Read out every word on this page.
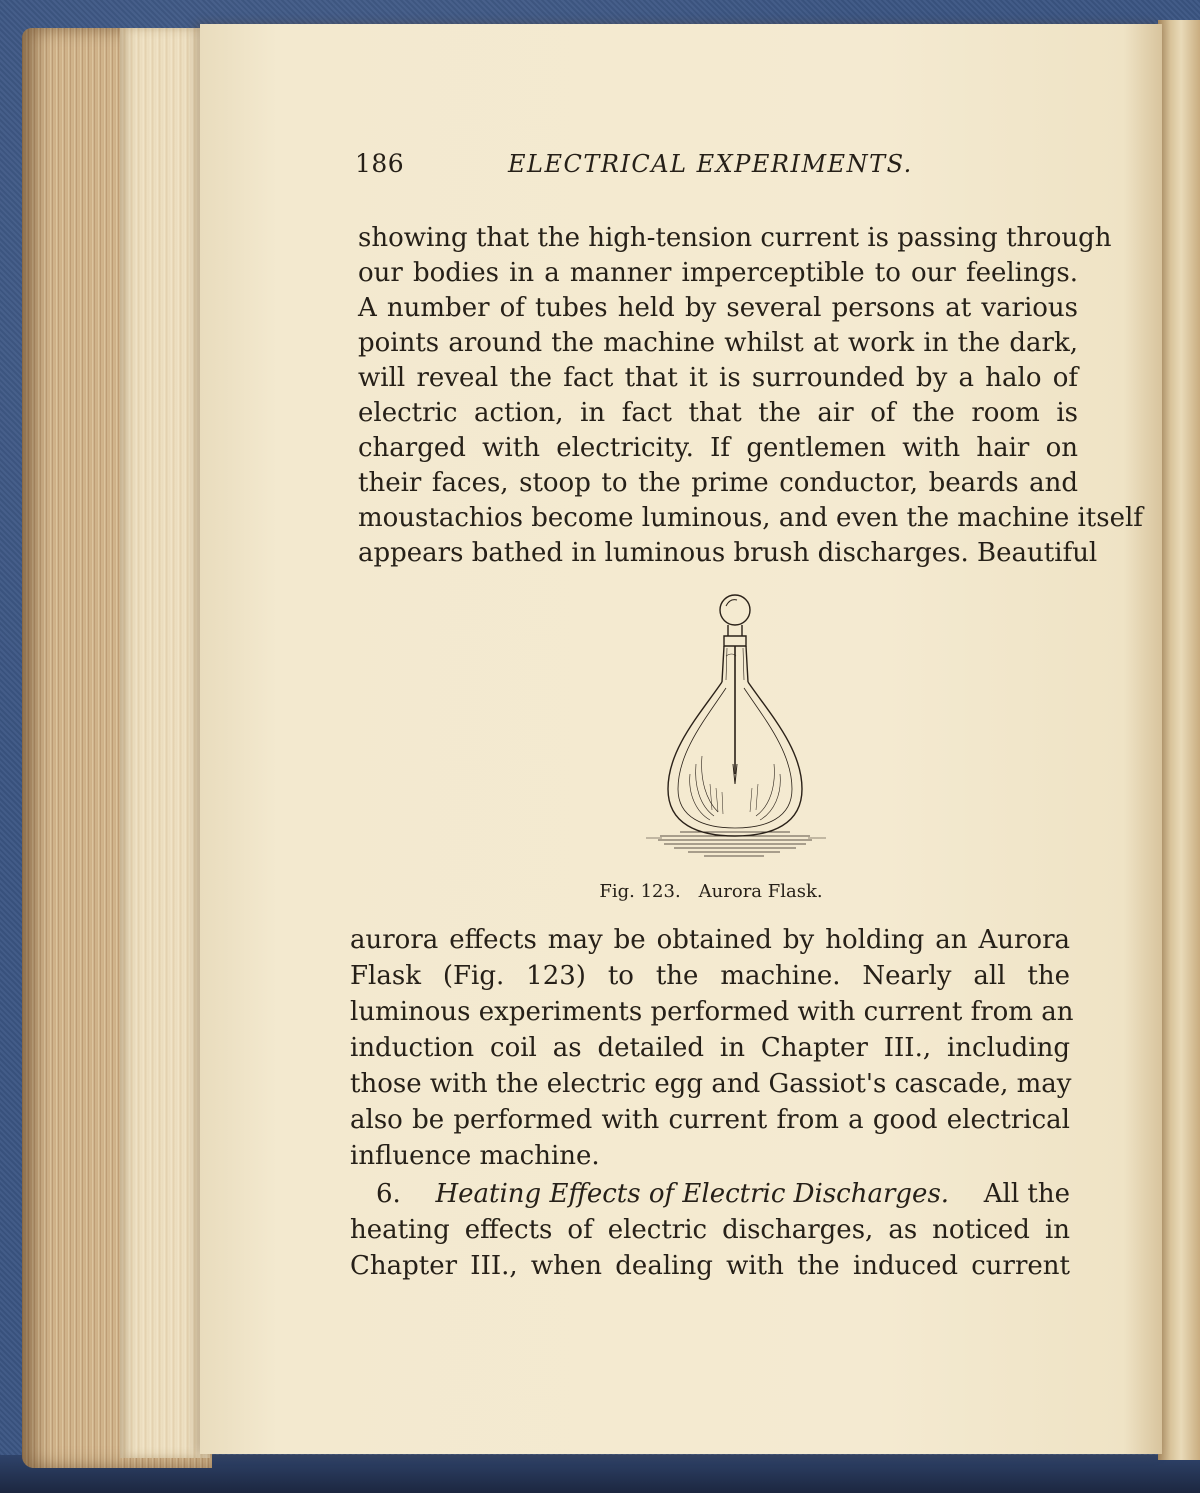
186	ELECTRICAL EXPERIMENTS.
showing that the high-tension current is passing through
our bodies in a manner imperceptible to our feelings.
A number of tubes held by several persons at various
points around the machine whilst at work in the dark,
will reveal the fact that it is surrounded by a halo of
electric action, in fact that the air of the room is
charged with electricity. If gentlemen with hair on
their faces, stoop to the prime conductor, beards and
moustachios become luminous, and even the machine itself
appears bathed in luminous brush discharges. Beautiful
Fig. 123. Aurora Flask.
aurora effects may be obtained by holding an Aurora
Flask (Fig. 123) to the machine. Nearly all the
luminous experiments performed with current from an
induction coil as detailed in Chapter III., including
those with the electric egg and Gassiot's cascade, may
also be performed with current from a good electrical
influence machine.
6. Heating Effects of Electric Discharges. All the
heating effects of electric discharges, as noticed in
Chapter III., when dealing with the induced current
